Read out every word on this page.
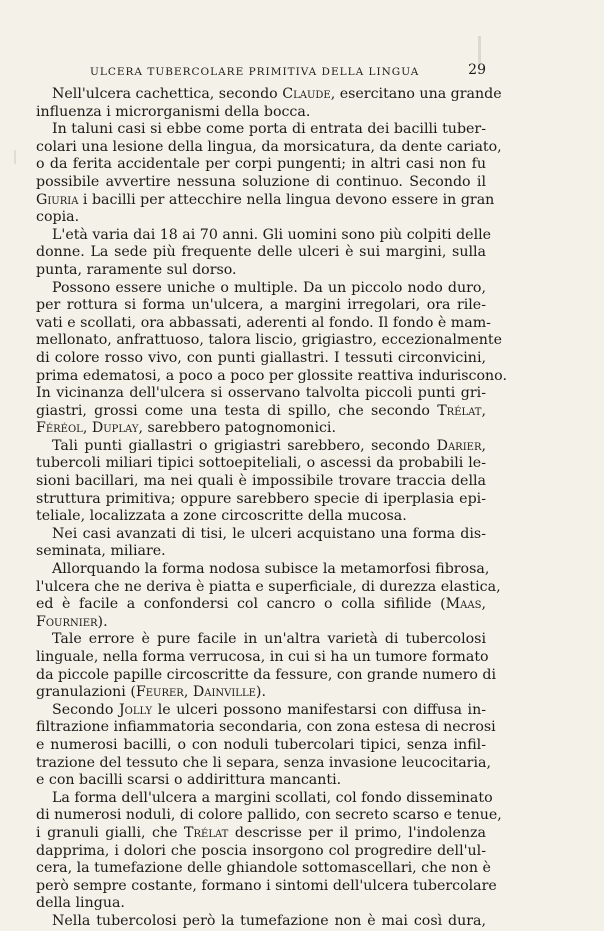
ULCERA TUBERCOLARE PRIMITIVA DELLA LINGUA	29
Nell'ulcera cachettica, secondo Claude, esercitano una grande
influenza i microrganismi della bocca.
In taluni casi si ebbe come porta di entrata dei bacilli tuber-
colari una lesione della lingua, da morsicatura, da dente cariato,
o da ferita accidentale per corpi pungenti; in altri casi non fu
possibile avvertire nessuna soluzione di continuo. Secondo il
Giuria i bacilli per attecchire nella lingua devono essere in gran
copia.
L'età varia dai 18 ai 70 anni. Gli uomini sono più colpiti delle
donne. La sede più frequente delle ulceri è sui margini, sulla
punta, raramente sul dorso.
Possono essere uniche o multiple. Da un piccolo nodo duro,
per rottura si forma un'ulcera, a margini irregolari, ora rile-
vati e scollati, ora abbassati, aderenti al fondo. Il fondo è mam-
mellonato, anfrattuoso, talora liscio, grigiastro, eccezionalmente
di colore rosso vivo, con punti giallastri. I tessuti circonvicini,
prima edematosi, a poco a poco per glossite reattiva induriscono.
In vicinanza dell'ulcera si osservano talvolta piccoli punti gri-
giastri, grossi come una testa di spillo, che secondo Trélat,
Féréol, Duplay, sarebbero patognomonici.
Tali punti giallastri o grigiastri sarebbero, secondo Darier,
tubercoli miliari tipici sottoepiteliali, o ascessi da probabili le-
sioni bacillari, ma nei quali è impossibile trovare traccia della
struttura primitiva; oppure sarebbero specie di iperplasia epi-
teliale, localizzata a zone circoscritte della mucosa.
Nei casi avanzati di tisi, le ulceri acquistano una forma dis-
seminata, miliare.
Allorquando la forma nodosa subisce la metamorfosi fibrosa,
l'ulcera che ne deriva è piatta e superficiale, di durezza elastica,
ed è facile a confondersi col cancro o colla sifilide (Maas,
Fournier).
Tale errore è pure facile in un'altra varietà di tubercolosi
linguale, nella forma verrucosa, in cui si ha un tumore formato
da piccole papille circoscritte da fessure, con grande numero di
granulazioni (Feurer, Dainville).
Secondo Jolly le ulceri possono manifestarsi con diffusa in-
filtrazione infiammatoria secondaria, con zona estesa di necrosi
e numerosi bacilli, o con noduli tubercolari tipici, senza infil-
trazione del tessuto che li separa, senza invasione leucocitaria,
e con bacilli scarsi o addirittura mancanti.
La forma dell'ulcera a margini scollati, col fondo disseminato
di numerosi noduli, di colore pallido, con secreto scarso e tenue,
i granuli gialli, che Trélat descrisse per il primo, l'indolenza
dapprima, i dolori che poscia insorgono col progredire dell'ul-
cera, la tumefazione delle ghiandole sottomascellari, che non è
però sempre costante, formano i sintomi dell'ulcera tubercolare
della lingua.
Nella tubercolosi però la tumefazione non è mai così dura,
